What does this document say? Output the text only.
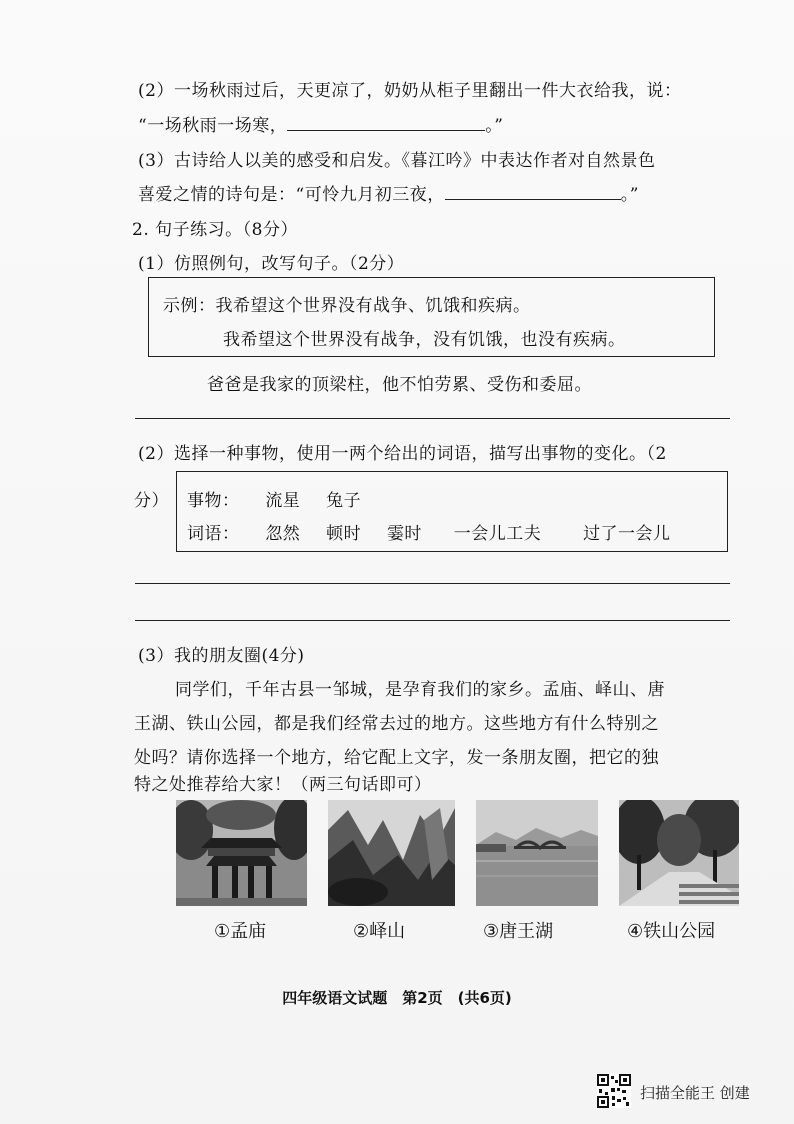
(2）一场秋雨过后，天更凉了，奶奶从柜子里翻出一件大衣给我，说：
“一场秋雨一场寒，	。”
(3）古诗给人以美的感受和启发。《暮江吟》中表达作者对自然景色
喜爱之情的诗句是：“可怜九月初三夜，	。”
2. 句子练习。（8分）
(1）仿照例句，改写句子。（2分）
示例：我希望这个世界没有战争、饥饿和疾病。
我希望这个世界没有战争，没有饥饿，也没有疾病。
爸爸是我家的顶梁柱，他不怕劳累、受伤和委屈。
(2）选择一种事物，使用一两个给出的词语，描写出事物的变化。（2
分） 事物： 流星 兔子
词语： 忽然 顿时 霎时 一会儿工夫 过了一会儿
(3）我的朋友圈(4分)
同学们，千年古县一邹城，是孕育我们的家乡。孟庙、峄山、唐
王湖、铁山公园，都是我们经常去过的地方。这些地方有什么特别之
处吗？请你选择一个地方，给它配上文字，发一条朋友圈，把它的独
特之处推荐给大家！（两三句话即可）
①孟庙	②峄山	③唐王湖	④铁山公园
四年级语文试题　第2页　(共6页)
扫描全能王 创建
